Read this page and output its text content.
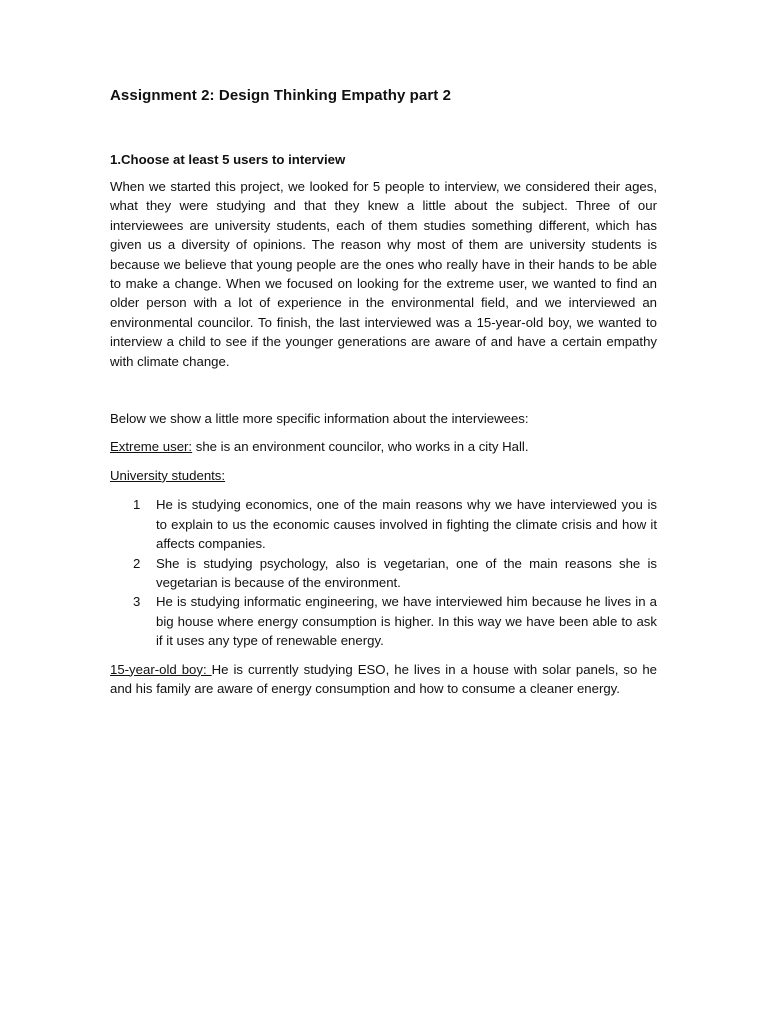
Assignment 2: Design Thinking Empathy part 2
1.Choose at least 5 users to interview

When we started this project, we looked for 5 people to interview, we considered their ages, what they were studying and that they knew a little about the subject. Three of our interviewees are university students, each of them studies something different, which has given us a diversity of opinions. The reason why most of them are university students is because we believe that young people are the ones who really have in their hands to be able to make a change. When we focused on looking for the extreme user, we wanted to find an older person with a lot of experience in the environmental field, and we interviewed an environmental councilor. To finish, the last interviewed was a 15-year-old boy, we wanted to interview a child to see if the younger generations are aware of and have a certain empathy with climate change.

Below we show a little more specific information about the interviewees:

Extreme user: she is an environment councilor, who works in a city Hall.

University students:

1	He is studying economics, one of the main reasons why we have interviewed you is to explain to us the economic causes involved in fighting the climate crisis and how it affects companies.
2	She is studying psychology, also is vegetarian, one of the main reasons she is vegetarian is because of the environment.
3	He is studying informatic engineering, we have interviewed him because he lives in a big house where energy consumption is higher. In this way we have been able to ask if it uses any type of renewable energy.

15-year-old boy: He is currently studying ESO, he lives in a house with solar panels, so he and his family are aware of energy consumption and how to consume a cleaner energy.
